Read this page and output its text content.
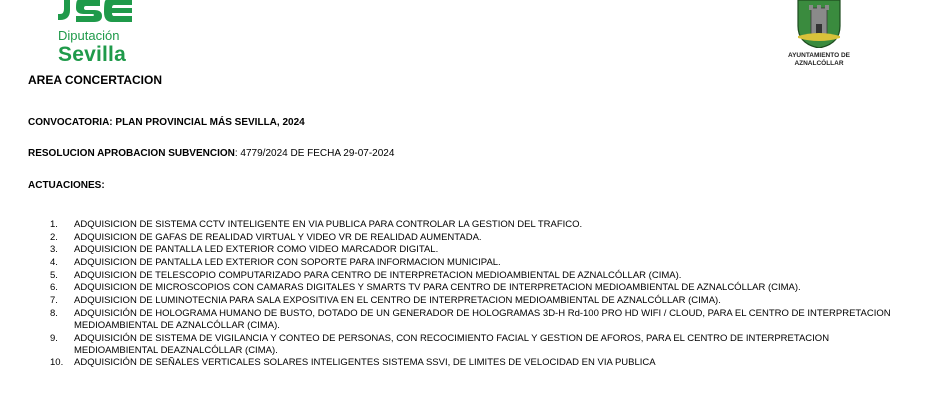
Diputación
Sevilla	AYUNTAMIENTO DE
AZNALCÓLLAR
AREA CONCERTACION
CONVOCATORIA: PLAN PROVINCIAL MÁS SEVILLA, 2024
RESOLUCION APROBACION SUBVENCION: 4779/2024 DE FECHA 29-07-2024
ACTUACIONES:
1. ADQUISICION DE SISTEMA CCTV INTELIGENTE EN VIA PUBLICA PARA CONTROLAR LA GESTION DEL TRAFICO.
2. ADQUISICION DE GAFAS DE REALIDAD VIRTUAL Y VIDEO VR DE REALIDAD AUMENTADA.
3. ADQUISICION DE PANTALLA LED EXTERIOR COMO VIDEO MARCADOR DIGITAL.
4. ADQUISICION DE PANTALLA LED EXTERIOR CON SOPORTE PARA INFORMACION MUNICIPAL.
5. ADQUISICION DE TELESCOPIO COMPUTARIZADO PARA CENTRO DE INTERPRETACION MEDIOAMBIENTAL DE AZNALCÓLLAR (CIMA).
6. ADQUISICION DE MICROSCOPIOS CON CAMARAS DIGITALES Y SMARTS TV PARA CENTRO DE INTERPRETACION MEDIOAMBIENTAL DE AZNALCÓLLAR (CIMA).
7. ADQUISICION DE LUMINOTECNIA PARA SALA EXPOSITIVA EN EL CENTRO DE INTERPRETACION MEDIOAMBIENTAL DE AZNALCÓLLAR (CIMA).
8. ADQUISICIÓN DE HOLOGRAMA HUMANO DE BUSTO, DOTADO DE UN GENERADOR DE HOLOGRAMAS 3D-H Rd-100 PRO HD WIFI / CLOUD, PARA EL CENTRO DE INTERPRETACION MEDIOAMBIENTAL DE AZNALCÓLLAR (CIMA).
9. ADQUISICIÓN DE SISTEMA DE VIGILANCIA Y CONTEO DE PERSONAS, CON RECOCIMIENTO FACIAL Y GESTION DE AFOROS, PARA EL CENTRO DE INTERPRETACION MEDIOAMBIENTAL DEAZNALCÓLLAR (CIMA).
10. ADQUISICIÓN DE SEÑALES VERTICALES SOLARES INTELIGENTES SISTEMA SSVI, DE LIMITES DE VELOCIDAD EN VIA PUBLICA
